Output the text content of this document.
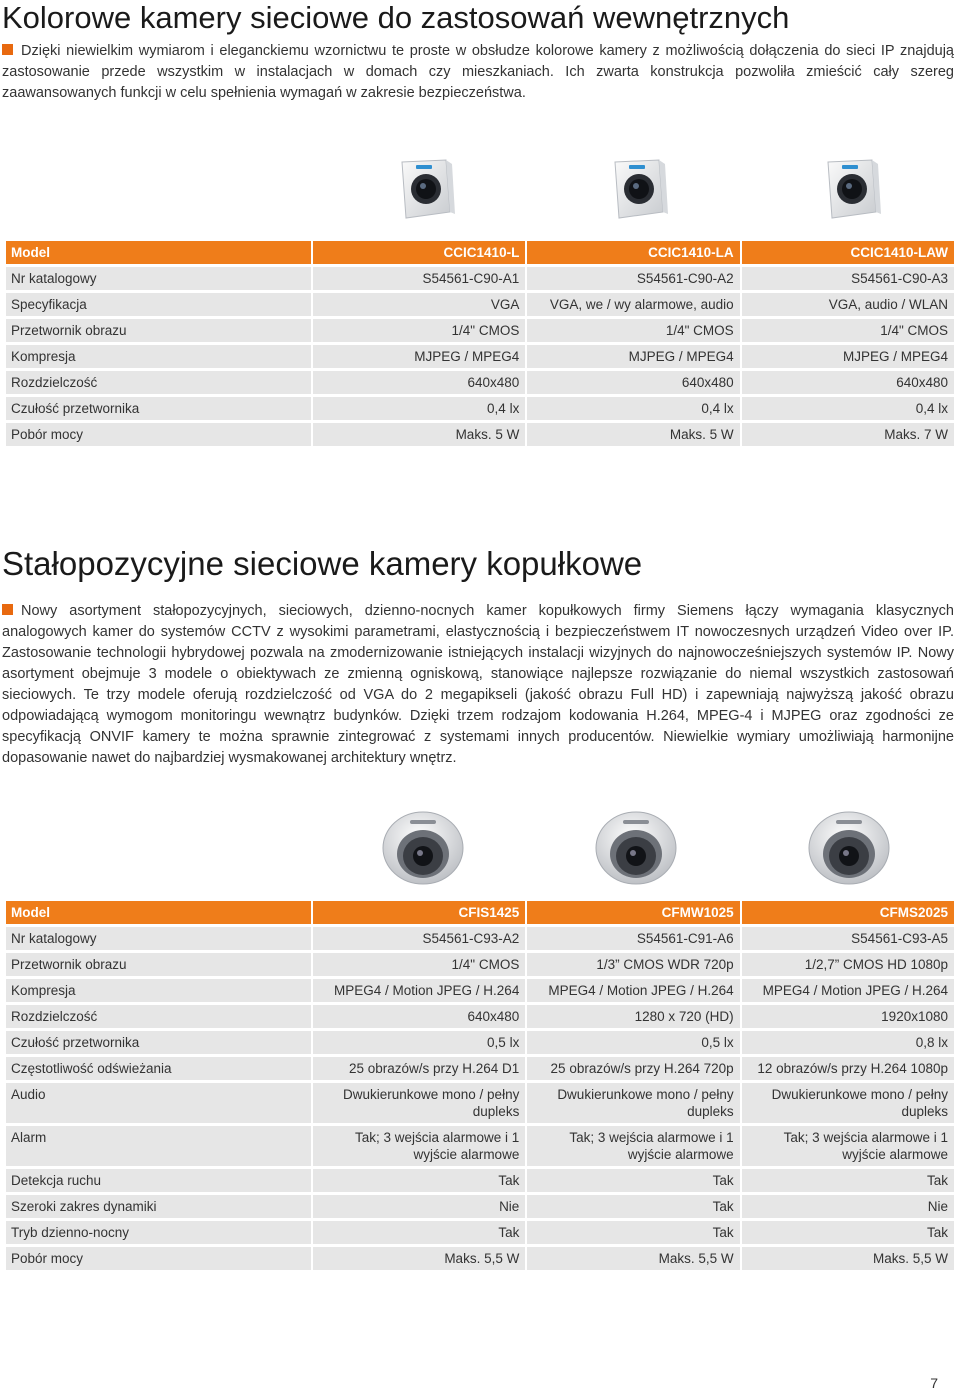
Kolorowe kamery sieciowe do zastosowań wewnętrznych
Dzięki niewielkim wymiarom i eleganckiemu wzornictwu te proste w obsłudze kolorowe kamery z możliwością dołączenia do sieci IP znajdują zastosowanie przede wszystkim w instalacjach w domach czy mieszkaniach. Ich zwarta konstrukcja pozwoliła zmieścić cały szereg zaawansowanych funkcji w celu spełnienia wymagań w zakresie bezpieczeństwa.
Model	CCIC1410-L	CCIC1410-LA	CCIC1410-LAW
Nr katalogowy	S54561-C90-A1	S54561-C90-A2	S54561-C90-A3
Specyfikacja	VGA	VGA, we / wy alarmowe, audio	VGA, audio / WLAN
Przetwornik obrazu	1/4" CMOS	1/4" CMOS	1/4" CMOS
Kompresja	MJPEG / MPEG4	MJPEG / MPEG4	MJPEG / MPEG4
Rozdzielczość	640x480	640x480	640x480
Czułość przetwornika	0,4 lx	0,4 lx	0,4 lx
Pobór mocy	Maks. 5 W	Maks. 5 W	Maks. 7 W
Stałopozycyjne sieciowe kamery kopułkowe
Nowy asortyment stałopozycyjnych, sieciowych, dzienno-nocnych kamer kopułkowych firmy Siemens łączy wymagania klasycznych analogowych kamer do systemów CCTV z wysokimi parametrami, elastycznością i bezpieczeństwem IT nowoczesnych urządzeń Video over IP. Zastosowanie technologii hybrydowej pozwala na zmodernizowanie istniejących instalacji wizyjnych do najnowocześniejszych systemów IP. Nowy asortyment obejmuje 3 modele o obiektywach ze zmienną ogniskową, stanowiące najlepsze rozwiązanie do niemal wszystkich zastosowań sieciowych. Te trzy modele oferują rozdzielczość od VGA do 2 megapikseli (jakość obrazu Full HD) i zapewniają najwyższą jakość obrazu odpowiadającą wymogom monitoringu wewnątrz budynków. Dzięki trzem rodzajom kodowania H.264, MPEG-4 i MJPEG oraz zgodności ze specyfikacją ONVIF kamery te można sprawnie zintegrować z systemami innych producentów. Niewielkie wymiary umożliwiają harmonijne dopasowanie nawet do najbardziej wysmakowanej architektury wnętrz.
Model	CFIS1425	CFMW1025	CFMS2025
Nr katalogowy	S54561-C93-A2	S54561-C91-A6	S54561-C93-A5
Przetwornik obrazu	1/4" CMOS	1/3” CMOS WDR 720p	1/2,7” CMOS HD 1080p
Kompresja	MPEG4 / Motion JPEG / H.264	MPEG4 / Motion JPEG / H.264	MPEG4 / Motion JPEG / H.264
Rozdzielczość	640x480	1280 x 720 (HD)	1920x1080
Czułość przetwornika	0,5 lx	0,5 lx	0,8 lx
Częstotliwość odświeżania	25 obrazów/s przy H.264 D1	25 obrazów/s przy H.264 720p	12 obrazów/s przy H.264 1080p
Audio	Dwukierunkowe mono / pełny dupleks	Dwukierunkowe mono / pełny dupleks	Dwukierunkowe mono / pełny dupleks
Alarm	Tak; 3 wejścia alarmowe i 1 wyjście alarmowe	Tak; 3 wejścia alarmowe i 1 wyjście alarmowe	Tak; 3 wejścia alarmowe i 1 wyjście alarmowe
Detekcja ruchu	Tak	Tak	Tak
Szeroki zakres dynamiki	Nie	Tak	Nie
Tryb dzienno-nocny	Tak	Tak	Tak
Pobór mocy	Maks. 5,5 W	Maks. 5,5 W	Maks. 5,5 W
7
